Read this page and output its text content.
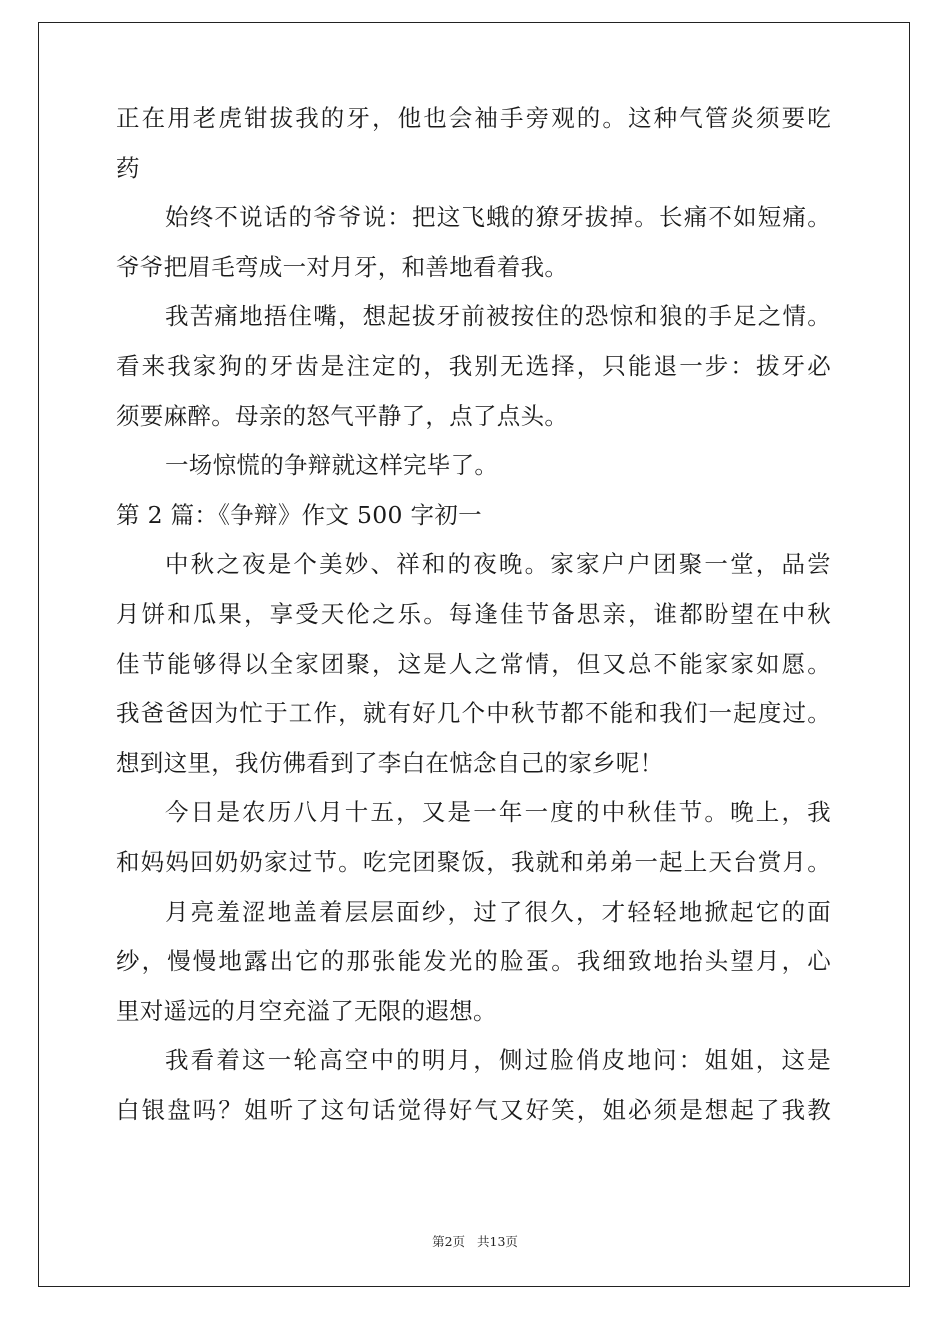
正在用老虎钳拔我的牙，他也会袖手旁观的。这种气管炎须要吃
药
始终不说话的爷爷说：把这飞蛾的獠牙拔掉。长痛不如短痛。
爷爷把眉毛弯成一对月牙，和善地看着我。
我苦痛地捂住嘴，想起拔牙前被按住的恐惊和狼的手足之情。
看来我家狗的牙齿是注定的，我别无选择，只能退一步：拔牙必
须要麻醉。母亲的怒气平静了，点了点头。
一场惊慌的争辩就这样完毕了。
第 2 篇：《争辩》作文 500 字初一
中秋之夜是个美妙、祥和的夜晚。家家户户团聚一堂，品尝
月饼和瓜果，享受天伦之乐。每逢佳节备思亲，谁都盼望在中秋
佳节能够得以全家团聚，这是人之常情，但又总不能家家如愿。
我爸爸因为忙于工作，就有好几个中秋节都不能和我们一起度过。
想到这里，我仿佛看到了李白在惦念自己的家乡呢！
今日是农历八月十五，又是一年一度的中秋佳节。晚上，我
和妈妈回奶奶家过节。吃完团聚饭，我就和弟弟一起上天台赏月。
月亮羞涩地盖着层层面纱，过了很久，才轻轻地掀起它的面
纱，慢慢地露出它的那张能发光的脸蛋。我细致地抬头望月，心
里对遥远的月空充溢了无限的遐想。
我看着这一轮高空中的明月，侧过脸俏皮地问：姐姐，这是
白银盘吗？姐听了这句话觉得好气又好笑，姐必须是想起了我教
第2页 共13页
